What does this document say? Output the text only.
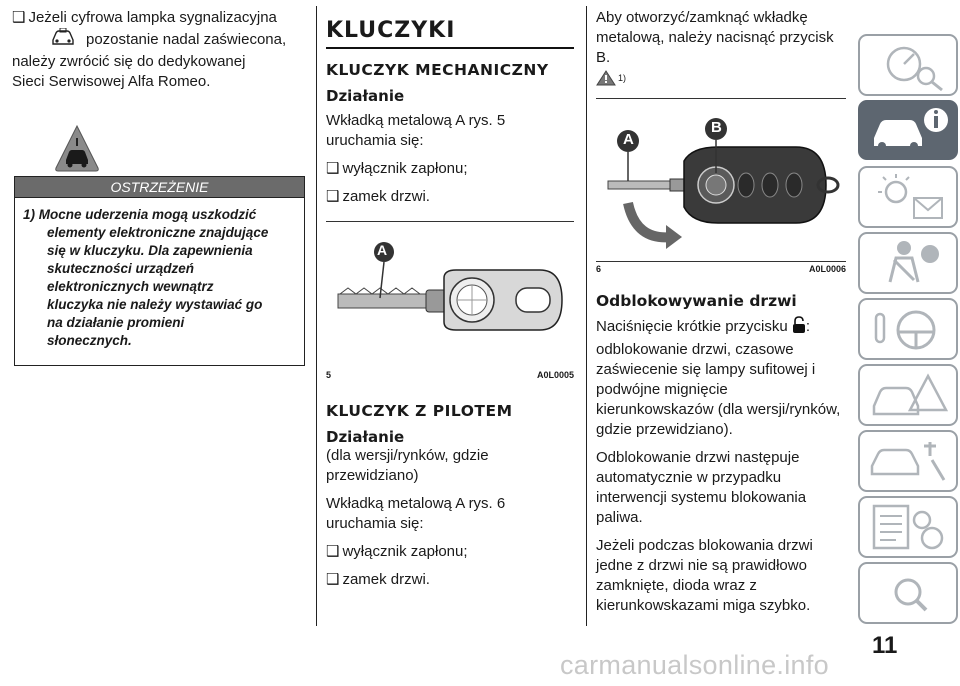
❑ Jeżeli cyfrowa lampka sygnalizacyjna
pozostanie nadal zaświecona,
należy zwrócić się do dedykowanej
Sieci Serwisowej Alfa Romeo.
OSTRZEŻENIE
1) Mocne uderzenia mogą uszkodzić
elementy elektroniczne znajdujące
się w kluczyku. Dla zapewnienia
skuteczności urządzeń
elektronicznych wewnątrz
kluczyka nie należy wystawiać go
na działanie promieni
słonecznych.
KLUCZYKI
KLUCZYK MECHANICZNY
Działanie
Wkładką metalową A rys. 5 uruchamia się:
❑ wyłącznik zapłonu;
❑ zamek drzwi.
A
5	A0L0005
KLUCZYK Z PILOTEM
Działanie
(dla wersji/rynków, gdzie przewidziano)
Wkładką metalową A rys. 6 uruchamia się:
❑ wyłącznik zapłonu;
❑ zamek drzwi.
Aby otworzyć/zamknąć wkładkę metalową, należy nacisnąć przycisk B.
1)
A
B
6	A0L0006
Odblokowywanie drzwi
Naciśnięcie krótkie przycisku : odblokowanie drzwi, czasowe zaświecenie się lampy sufitowej i podwójne mignięcie kierunkowskazów (dla wersji/rynków, gdzie przewidziano).
Odblokowanie drzwi następuje automatycznie w przypadku interwencji systemu blokowania paliwa.
Jeżeli podczas blokowania drzwi jedne z drzwi nie są prawidłowo zamknięte, dioda wraz z kierunkowskazami miga szybko.
11
carmanualsonline.info
